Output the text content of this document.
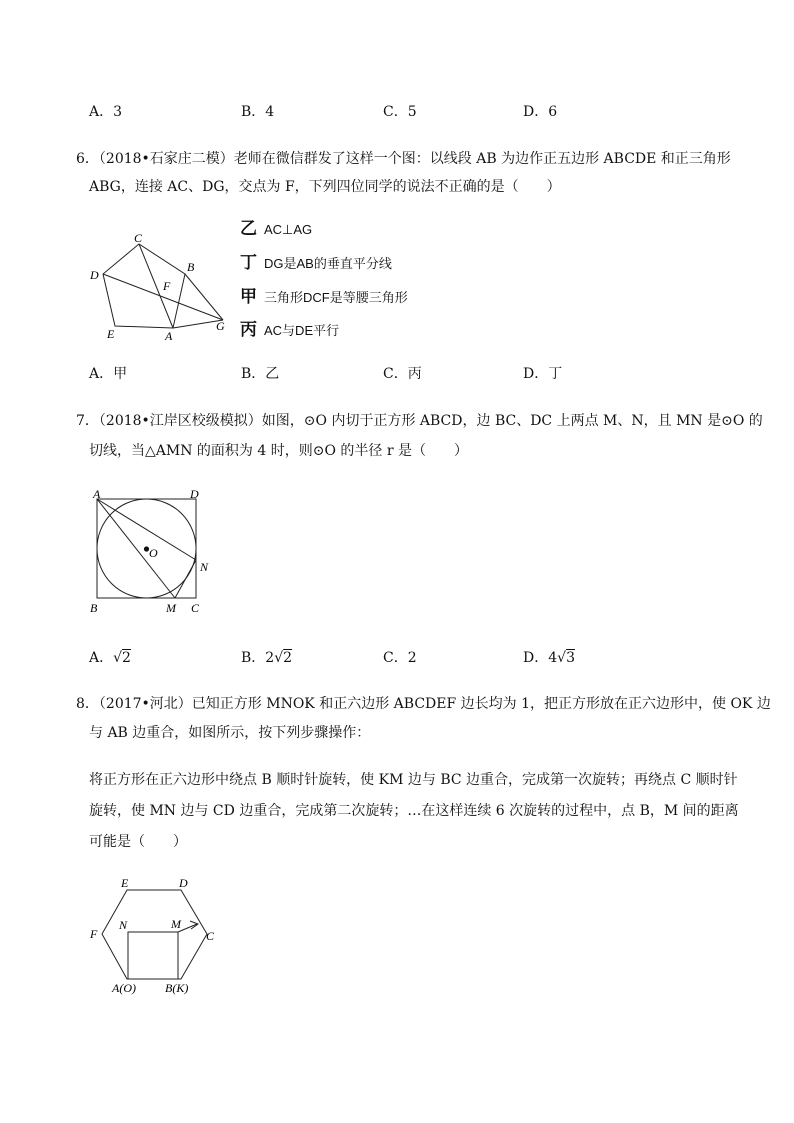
A．3	B．4	C．5	D．6
6．（2018•石家庄二模）老师在微信群发了这样一个图：以线段 AB 为边作正五边形 ABCDE 和正三角形
ABG，连接 AC、DG，交点为 F，下列四位同学的说法不正确的是（　　）
C
B
D
F
E	A
G
乙 AC⊥AG
丁 DG是AB的垂直平分线
甲 三角形DCF是等腰三角形
丙 AC与DE平行
A．甲	B．乙	C．丙	D．丁
7．（2018•江岸区校级模拟）如图，⊙O 内切于正方形 ABCD，边 BC、DC 上两点 M、N，且 MN 是⊙O 的
切线，当△AMN 的面积为 4 时，则⊙O 的半径 r 是（　　）
A	D
O
N
B	M C
A．√2	B．2√2	C．2	D．4√3
8．（2017•河北）已知正方形 MNOK 和正六边形 ABCDEF 边长均为 1，把正方形放在正六边形中，使 OK 边
与 AB 边重合，如图所示，按下列步骤操作：
将正方形在正六边形中绕点 B 顺时针旋转，使 KM 边与 BC 边重合，完成第一次旋转；再绕点 C 顺时针
旋转，使 MN 边与 CD 边重合，完成第二次旋转；…在这样连续 6 次旋转的过程中，点 B，M 间的距离
可能是（　　）
E	D
N	M
F	C
A(O) B(K)
